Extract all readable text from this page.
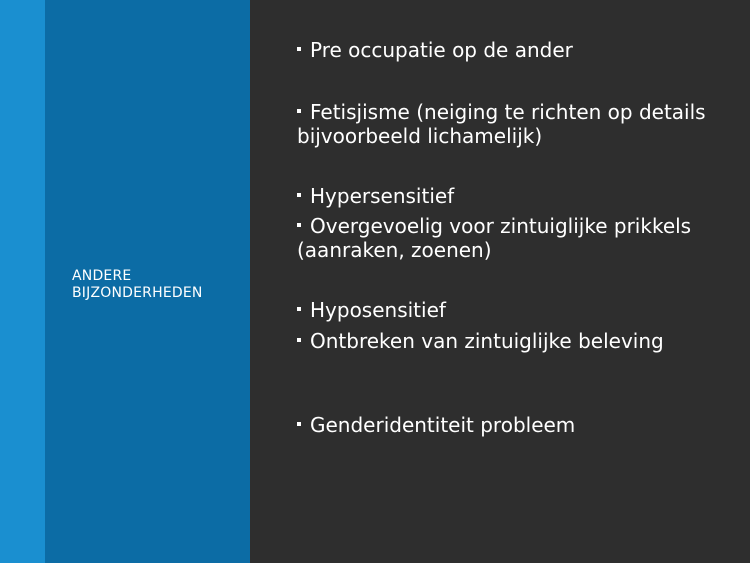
ANDERE
BIJZONDERHEDEN
Pre occupatie op de ander
Fetisjisme (neiging te richten op details bijvoorbeeld lichamelijk)
Hypersensitief
Overgevoelig voor zintuiglijke prikkels (aanraken, zoenen)
Hyposensitief
Ontbreken van zintuiglijke beleving
Genderidentiteit probleem
